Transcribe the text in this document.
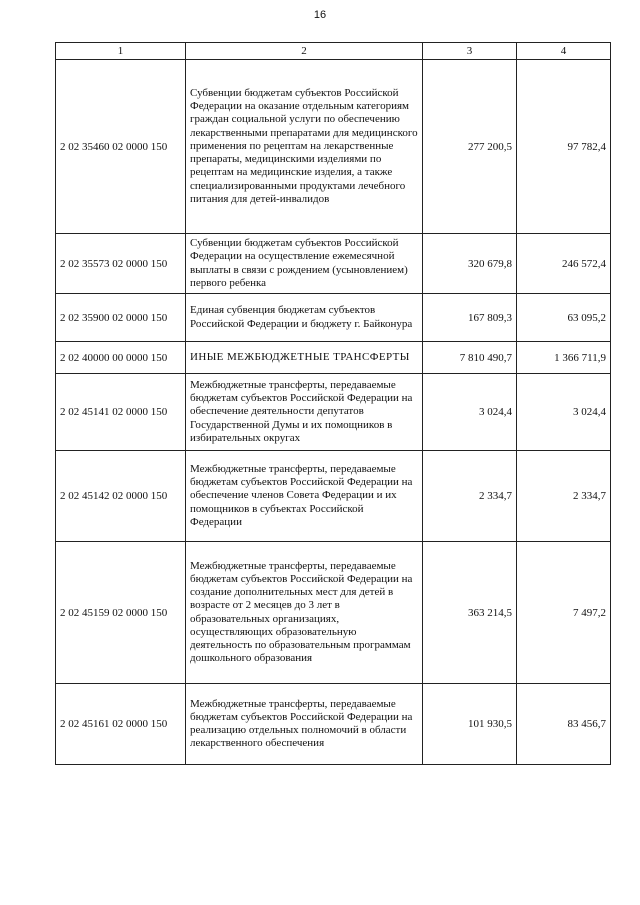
16
1	2	3	4
2 02 35460 02 0000 150	Субвенции бюджетам субъектов Российской Федерации на оказание отдельным категориям граждан социальной услуги по обеспечению лекарственными препаратами для медицинского применения по рецептам на лекарственные препараты, медицинскими изделиями по рецептам на медицинские изделия, а также специализированными продуктами лечебного питания для детей-инвалидов	277 200,5	97 782,4
2 02 35573 02 0000 150	Субвенции бюджетам субъектов Российской Федерации на осуществление ежемесячной выплаты в связи с рождением (усыновлением) первого ребенка	320 679,8	246 572,4
2 02 35900 02 0000 150	Единая субвенция бюджетам субъектов Российской Федерации и бюджету г. Байконура	167 809,3	63 095,2
2 02 40000 00 0000 150	ИНЫЕ МЕЖБЮДЖЕТНЫЕ ТРАНСФЕРТЫ	7 810 490,7	1 366 711,9
2 02 45141 02 0000 150	Межбюджетные трансферты, передаваемые бюджетам субъектов Российской Федерации на обеспечение деятельности депутатов Государственной Думы и их помощников в избирательных округах	3 024,4	3 024,4
2 02 45142 02 0000 150	Межбюджетные трансферты, передаваемые бюджетам субъектов Российской Федерации на обеспечение членов Совета Федерации и их помощников в субъектах Российской Федерации	2 334,7	2 334,7
2 02 45159 02 0000 150	Межбюджетные трансферты, передаваемые бюджетам субъектов Российской Федерации на создание дополнительных мест для детей в возрасте от 2 месяцев до 3 лет в образовательных организациях, осуществляющих образовательную деятельность по образовательным программам дошкольного образования	363 214,5	7 497,2
2 02 45161 02 0000 150	Межбюджетные трансферты, передаваемые бюджетам субъектов Российской Федерации на реализацию отдельных полномочий в области лекарственного обеспечения	101 930,5	83 456,7
